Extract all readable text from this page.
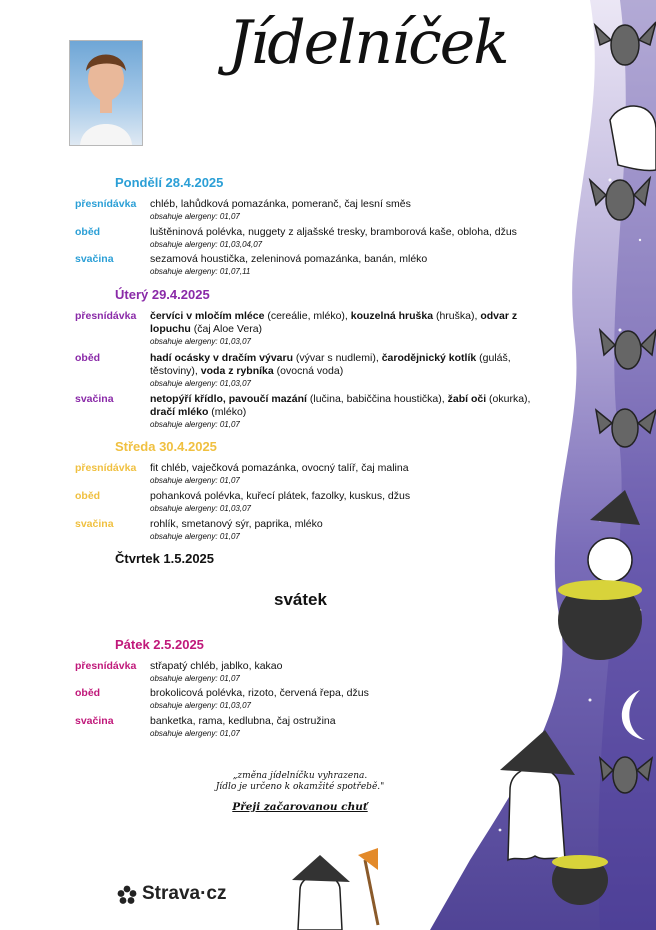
Jídelníček
Pondělí 28.4.2025
přesnídávka chléb, lahůdková pomazánka, pomeranč, čaj lesní směs
obsahuje alergeny: 01,07
oběd	luštěninová polévka, nuggety z aljašské tresky, bramborová kaše, obloha, džus
obsahuje alergeny: 01,03,04,07
svačina	sezamová houstička, zeleninová pomazánka, banán, mléko
obsahuje alergeny: 01,07,11
Úterý 29.4.2025
přesnídávka červíci v mločím mléce (cereálie, mléko), kouzelná hruška (hruška), odvar z lopuchu (čaj Aloe Vera)
obsahuje alergeny: 01,03,07
oběd	hadí ocásky v dračím vývaru (vývar s nudlemi), čarodějnický kotlík (guláš, těstoviny), voda z rybníka (ovocná voda)
obsahuje alergeny: 01,03,07
svačina	netopýří křídlo, pavoučí mazání (lučina, babiččina houstička), žabí oči (okurka), dračí mléko (mléko)
obsahuje alergeny: 01,07
Středa 30.4.2025
přesnídávka fit chléb, vaječková pomazánka, ovocný talíř, čaj malina
obsahuje alergeny: 01,07
oběd	pohanková polévka, kuřecí plátek, fazolky, kuskus, džus
obsahuje alergeny: 01,03,07
svačina	rohlík, smetanový sýr, paprika, mléko
obsahuje alergeny: 01,07
Čtvrtek 1.5.2025
svátek
Pátek 2.5.2025
přesnídávka střapatý chléb, jablko, kakao
obsahuje alergeny: 01,07
oběd	brokolicová polévka, rizoto, červená řepa, džus
obsahuje alergeny: 01,03,07
svačina	banketka, rama, kedlubna, čaj ostružina
obsahuje alergeny: 01,07
„změna jídelníčku vyhrazena.
Jídlo je určeno k okamžité spotřebě."
Přeji začarovanou chuť
Strava·cz
